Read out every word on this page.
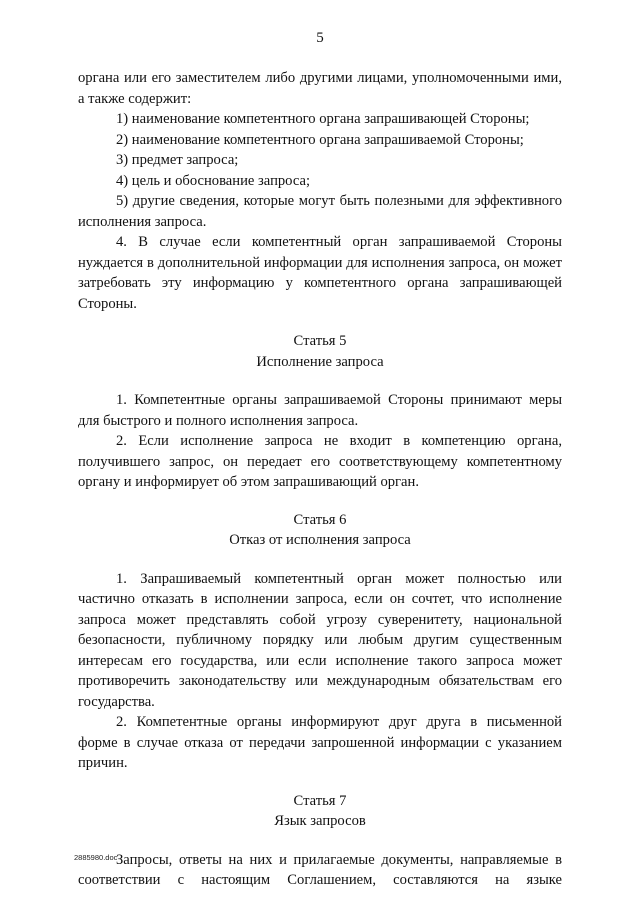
5

органа или его заместителем либо другими лицами, уполномоченными ими, а также содержит:

1) наименование компетентного органа запрашивающей Стороны;

2) наименование компетентного органа запрашиваемой Стороны;

3) предмет запроса;

4) цель и обоснование запроса;

5) другие сведения, которые могут быть полезными для эффективного исполнения запроса.

4. В случае если компетентный орган запрашиваемой Стороны нуждается в дополнительной информации для исполнения запроса, он может затребовать эту информацию у компетентного органа запрашивающей Стороны.

Статья 5

Исполнение запроса

1. Компетентные органы запрашиваемой Стороны принимают меры для быстрого и полного исполнения запроса.

2. Если исполнение запроса не входит в компетенцию органа, получившего запрос, он передает его соответствующему компетентному органу и информирует об этом запрашивающий орган.

Статья 6

Отказ от исполнения запроса

1. Запрашиваемый компетентный орган может полностью или частично отказать в исполнении запроса, если он сочтет, что исполнение запроса может представлять собой угрозу суверенитету, национальной безопасности, публичному порядку или любым другим существенным интересам его государства, или если исполнение такого запроса может противоречить законодательству или международным обязательствам его государства.

2. Компетентные органы информируют друг друга в письменной форме в случае отказа от передачи запрошенной информации с указанием причин.

Статья 7

Язык запросов

Запросы, ответы на них и прилагаемые документы, направляемые в соответствии с настоящим Соглашением, составляются на языке

2885980.doc
